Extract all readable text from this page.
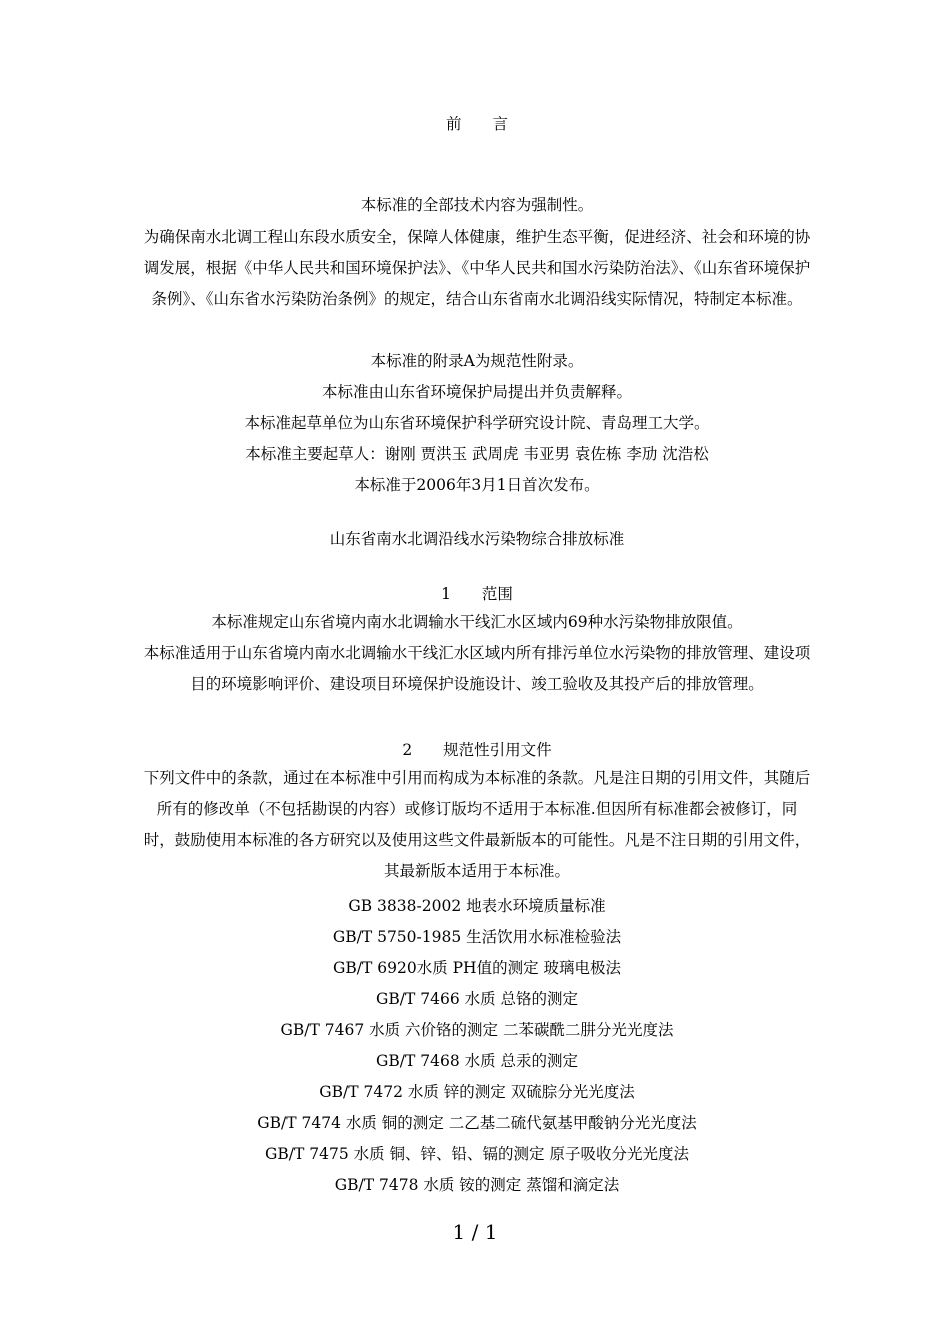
前　　言
本标准的全部技术内容为强制性。
为确保南水北调工程山东段水质安全，保障人体健康，维护生态平衡，促进经济、社会和环境的协调发展，根据《中华人民共和国环境保护法》、《中华人民共和国水污染防治法》、《山东省环境保护条例》、《山东省水污染防治条例》的规定，结合山东省南水北调沿线实际情况，特制定本标准。
本标准的附录A为规范性附录。
本标准由山东省环境保护局提出并负责解释。
本标准起草单位为山东省环境保护科学研究设计院、青岛理工大学。
本标准主要起草人：谢刚 贾洪玉 武周虎 韦亚男 袁佐栋 李劢 沈浩松
本标准于2006年3月1日首次发布。
山东省南水北调沿线水污染物综合排放标准
1　　范围
本标准规定山东省境内南水北调输水干线汇水区域内69种水污染物排放限值。
本标准适用于山东省境内南水北调输水干线汇水区域内所有排污单位水污染物的排放管理、建设项目的环境影响评价、建设项目环境保护设施设计、竣工验收及其投产后的排放管理。
2　　规范性引用文件
下列文件中的条款，通过在本标准中引用而构成为本标准的条款。凡是注日期的引用文件，其随后所有的修改单（不包括勘误的内容）或修订版均不适用于本标准.但因所有标准都会被修订，同时，鼓励使用本标准的各方研究以及使用这些文件最新版本的可能性。凡是不注日期的引用文件，其最新版本适用于本标准。
GB 3838-2002 地表水环境质量标准
GB/T 5750-1985 生活饮用水标准检验法
GB/T 6920水质 PH值的测定 玻璃电极法
GB/T 7466 水质 总铬的测定
GB/T 7467 水质 六价铬的测定 二苯碳酰二肼分光光度法
GB/T 7468 水质 总汞的测定
GB/T 7472 水质 锌的测定 双硫腙分光光度法
GB/T 7474 水质 铜的测定 二乙基二硫代氨基甲酸钠分光光度法
GB/T 7475 水质 铜、锌、铅、镉的测定 原子吸收分光光度法
GB/T 7478 水质 铵的测定 蒸馏和滴定法
1 / 1
